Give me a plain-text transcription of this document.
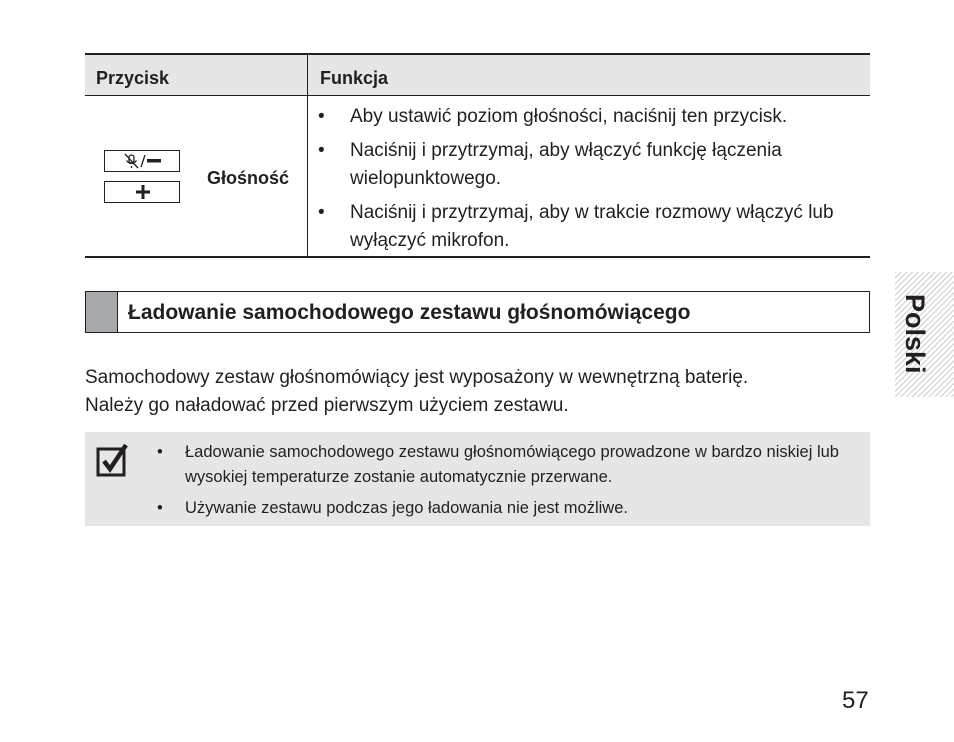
Przycisk	Funkcja
Głośność
• Aby ustawić poziom głośności, naciśnij ten przycisk.
• Naciśnij i przytrzymaj, aby włączyć funkcję łączenia wielopunktowego.
• Naciśnij i przytrzymaj, aby w trakcie rozmowy włączyć lub wyłączyć mikrofon.
Ładowanie samochodowego zestawu głośnomówiącego
Samochodowy zestaw głośnomówiący jest wyposażony w wewnętrzną baterię.
Należy go naładować przed pierwszym użyciem zestawu.
• Ładowanie samochodowego zestawu głośnomówiącego prowadzone w bardzo niskiej lub wysokiej temperaturze zostanie automatycznie przerwane.
• Używanie zestawu podczas jego ładowania nie jest możliwe.
Polski
57
